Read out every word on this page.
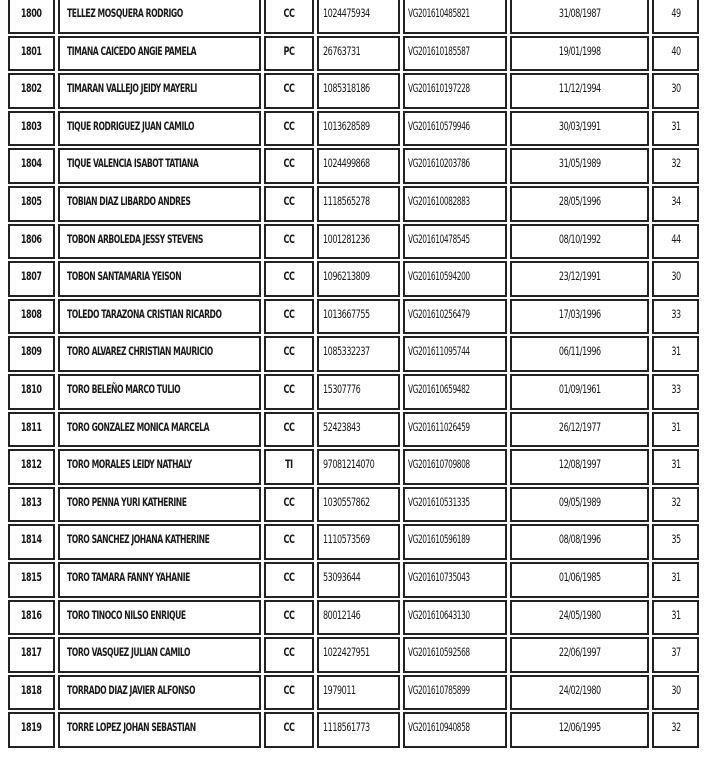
1800	TELLEZ MOSQUERA RODRIGO	CC	1024475934	VG201610485821	31/08/1987	49
1801	TIMANA CAICEDO ANGIE PAMELA	PC	26763731	VG201610185587	19/01/1998	40
1802	TIMARAN VALLEJO JEIDY MAYERLI	CC	1085318186	VG201610197228	11/12/1994	30
1803	TIQUE RODRIGUEZ JUAN CAMILO	CC	1013628589	VG201610579946	30/03/1991	31
1804	TIQUE VALENCIA ISABOT TATIANA	CC	1024499868	VG201610203786	31/05/1989	32
1805	TOBIAN DIAZ LIBARDO ANDRES	CC	1118565278	VG201610082883	28/05/1996	34
1806	TOBON ARBOLEDA JESSY STEVENS	CC	1001281236	VG201610478545	08/10/1992	44
1807	TOBON SANTAMARIA YEISON	CC	1096213809	VG201610594200	23/12/1991	30
1808	TOLEDO TARAZONA CRISTIAN RICARDO	CC	1013667755	VG201610256479	17/03/1996	33
1809	TORO ALVAREZ CHRISTIAN MAURICIO	CC	1085332237	VG201611095744	06/11/1996	31
1810	TORO BELEÑO MARCO TULIO	CC	15307776	VG201610659482	01/09/1961	33
1811	TORO GONZALEZ MONICA MARCELA	CC	52423843	VG201611026459	26/12/1977	31
1812	TORO MORALES LEIDY NATHALY	TI	97081214070	VG201610709808	12/08/1997	31
1813	TORO PENNA YURI KATHERINE	CC	1030557862	VG201610531335	09/05/1989	32
1814	TORO SANCHEZ JOHANA KATHERINE	CC	1110573569	VG201610596189	08/08/1996	35
1815	TORO TAMARA FANNY YAHANIE	CC	53093644	VG201610735043	01/06/1985	31
1816	TORO TINOCO NILSO ENRIQUE	CC	80012146	VG201610643130	24/05/1980	31
1817	TORO VASQUEZ JULIAN CAMILO	CC	1022427951	VG201610592568	22/06/1997	37
1818	TORRADO DIAZ JAVIER ALFONSO	CC	1979011	VG201610785899	24/02/1980	30
1819	TORRE LOPEZ JOHAN SEBASTIAN	CC	1118561773	VG201610940858	12/06/1995	32
